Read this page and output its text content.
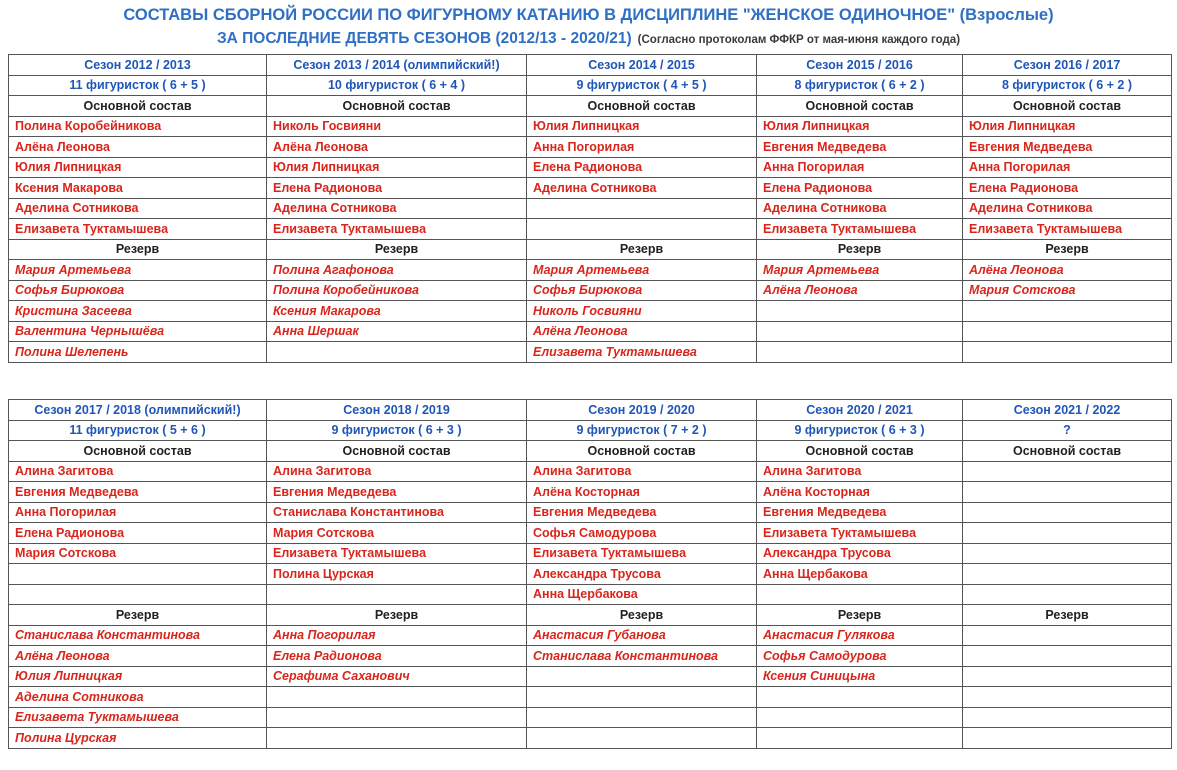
СОСТАВЫ СБОРНОЙ РОССИИ ПО ФИГУРНОМУ КАТАНИЮ В ДИСЦИПЛИНЕ "ЖЕНСКОЕ ОДИНОЧНОЕ" (Взрослые)
ЗА ПОСЛЕДНИЕ ДЕВЯТЬ СЕЗОНОВ (2012/13 - 2020/21) (Согласно протоколам ФФКР от мая-июня каждого года)
Сезон 2012 / 2013	Сезон 2013 / 2014 (олимпийский!)	Сезон 2014 / 2015	Сезон 2015 / 2016	Сезон 2016 / 2017
11 фигуристок ( 6 + 5 )	10 фигуристок ( 6 + 4 )	9 фигуристок ( 4 + 5 )	8 фигуристок ( 6 + 2 )	8 фигуристок ( 6 + 2 )
Основной состав	Основной состав	Основной состав	Основной состав	Основной состав
Полина Коробейникова	Николь Госвияни	Юлия Липницкая	Юлия Липницкая	Юлия Липницкая
Алёна Леонова	Алёна Леонова	Анна Погорилая	Евгения Медведева	Евгения Медведева
Юлия Липницкая	Юлия Липницкая	Елена Радионова	Анна Погорилая	Анна Погорилая
Ксения Макарова	Елена Радионова	Аделина Сотникова	Елена Радионова	Елена Радионова
Аделина Сотникова	Аделина Сотникова		Аделина Сотникова	Аделина Сотникова
Елизавета Туктамышева	Елизавета Туктамышева		Елизавета Туктамышева	Елизавета Туктамышева
Резерв	Резерв	Резерв	Резерв	Резерв
Мария Артемьева	Полина Агафонова	Мария Артемьева	Мария Артемьева	Алёна Леонова
Софья Бирюкова	Полина Коробейникова	Софья Бирюкова	Алёна Леонова	Мария Сотскова
Кристина Засеева	Ксения Макарова	Николь Госвияни		
Валентина Чернышёва	Анна Шершак	Алёна Леонова		
Полина Шелепень		Елизавета Туктамышева		
Сезон 2017 / 2018 (олимпийский!)	Сезон 2018 / 2019	Сезон 2019 / 2020	Сезон 2020 / 2021	Сезон 2021 / 2022
11 фигуристок ( 5 + 6 )	9 фигуристок ( 6 + 3 )	9 фигуристок ( 7 + 2 )	9 фигуристок ( 6 + 3 )	?
Основной состав	Основной состав	Основной состав	Основной состав	Основной состав
Алина Загитова	Алина Загитова	Алина Загитова	Алина Загитова	
Евгения Медведева	Евгения Медведева	Алёна Косторная	Алёна Косторная	
Анна Погорилая	Станислава Константинова	Евгения Медведева	Евгения Медведева	
Елена Радионова	Мария Сотскова	Софья Самодурова	Елизавета Туктамышева	
Мария Сотскова	Елизавета Туктамышева	Елизавета Туктамышева	Александра Трусова	
	Полина Цурская	Александра Трусова	Анна Щербакова	
		Анна Щербакова		
Резерв	Резерв	Резерв	Резерв	Резерв
Станислава Константинова	Анна Погорилая	Анастасия Губанова	Анастасия Гулякова	
Алёна Леонова	Елена Радионова	Станислава Константинова	Софья Самодурова	
Юлия Липницкая	Серафима Саханович		Ксения Синицына	
Аделина Сотникова				
Елизавета Туктамышева				
Полина Цурская				
